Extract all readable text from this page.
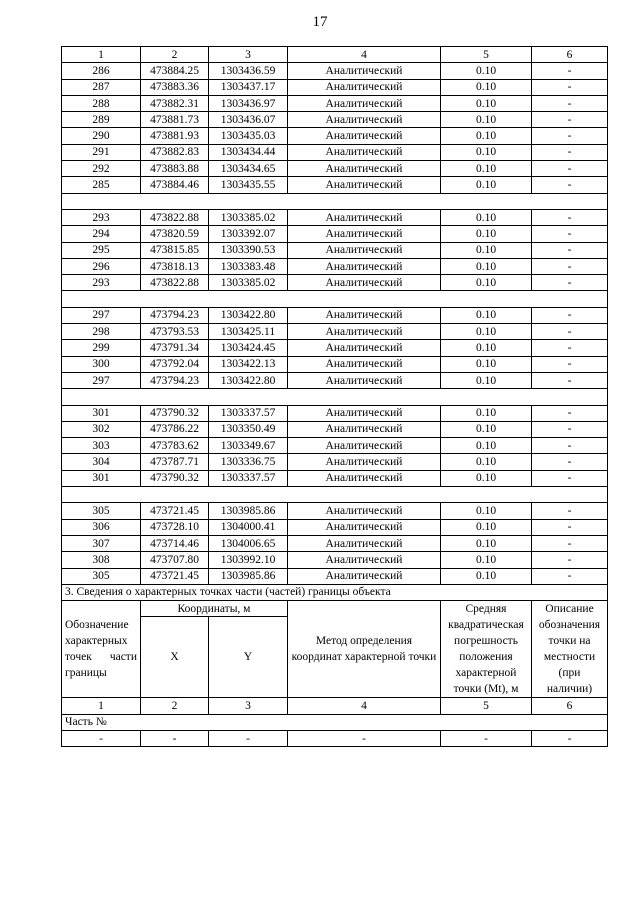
17
1	2	3	4	5	6
286	473884.25	1303436.59	Аналитический	0.10	-
287	473883.36	1303437.17	Аналитический	0.10	-
288	473882.31	1303436.97	Аналитический	0.10	-
289	473881.73	1303436.07	Аналитический	0.10	-
290	473881.93	1303435.03	Аналитический	0.10	-
291	473882.83	1303434.44	Аналитический	0.10	-
292	473883.88	1303434.65	Аналитический	0.10	-
285	473884.46	1303435.55	Аналитический	0.10	-

293	473822.88	1303385.02	Аналитический	0.10	-
294	473820.59	1303392.07	Аналитический	0.10	-
295	473815.85	1303390.53	Аналитический	0.10	-
296	473818.13	1303383.48	Аналитический	0.10	-
293	473822.88	1303385.02	Аналитический	0.10	-

297	473794.23	1303422.80	Аналитический	0.10	-
298	473793.53	1303425.11	Аналитический	0.10	-
299	473791.34	1303424.45	Аналитический	0.10	-
300	473792.04	1303422.13	Аналитический	0.10	-
297	473794.23	1303422.80	Аналитический	0.10	-

301	473790.32	1303337.57	Аналитический	0.10	-
302	473786.22	1303350.49	Аналитический	0.10	-
303	473783.62	1303349.67	Аналитический	0.10	-
304	473787.71	1303336.75	Аналитический	0.10	-
301	473790.32	1303337.57	Аналитический	0.10	-

305	473721.45	1303985.86	Аналитический	0.10	-
306	473728.10	1304000.41	Аналитический	0.10	-
307	473714.46	1304006.65	Аналитический	0.10	-
308	473707.80	1303992.10	Аналитический	0.10	-
305	473721.45	1303985.86	Аналитический	0.10	-
3. Сведения о характерных точках части (частей) границы объекта					
Обозначение характерных точек части границы	Координаты, м		Метод определения координат характерной точки	Средняя квадратическая погрешность положения характерной точки (Mt), м	Описание обозначения точки на местности (при наличии)
	X	Y			
1	2	3	4	5	6
Часть №					
-	-	-	-	-	-
